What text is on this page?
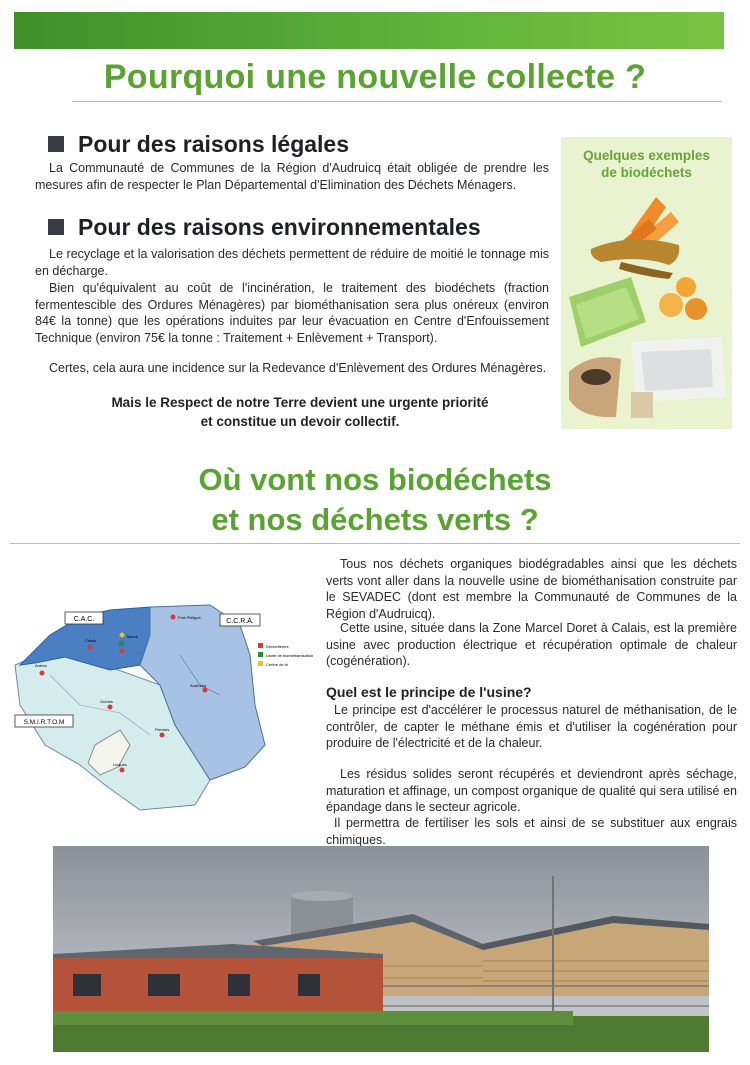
Pourquoi une nouvelle collecte ?
Pour des raisons légales
La Communauté de Communes de la Région d'Audruicq était obligée de prendre les mesures afin de respecter le Plan Départemental d'Elimination des Déchets Ménagers.
Pour des raisons environnementales
Le recyclage et la valorisation des déchets permettent de réduire de moitié le tonnage mis en décharge.
Bien qu'équivalent au coût de l'incinération, le traitement des biodéchets (fraction fermentescible des Ordures Ménagères) par biométhanisation sera plus onéreux (environ 84€ la tonne) que les opérations induites par leur évacuation en Centre d'Enfouissement Technique (environ 75€ la tonne : Traitement + Enlèvement + Transport).
Certes, cela aura une incidence sur la Redevance d'Enlèvement des Ordures Ménagères.
Mais le Respect de notre Terre devient une urgente priorité
et constitue un devoir collectif.
Quelques exemples
de biodéchets
Où vont nos biodéchets
et nos déchets verts ?
Tous nos déchets organiques biodégradables ainsi que les déchets verts vont aller dans la nouvelle usine de biométhanisation construite par le SEVADEC (dont est membre la Communauté de Communes de la Région d'Audruicq).
Cette usine, située dans la Zone Marcel Doret à Calais, est la première usine avec production électrique et récupération optimale de chaleur (cogénération).
Quel est le principe de l'usine?
Le principe est d'accélérer le processus naturel de méthanisation, de le contrôler, de capter le méthane émis et d'utiliser la cogénération pour produire de l'électricité et de la chaleur.
Les résidus solides seront récupérés et deviendront après séchage, maturation et affinage, un compost organique de qualité qui sera utilisé en épandage dans le secteur agricole.
Il permettra de fertiliser les sols et ainsi de se substituer aux engrais chimiques.
C.A.C.	C.C.R.A.
S.M.I.R.T.O.M
Fort-Philippe
Calais
Marck
Audruicq
Guînes
Licques
Ardres
Fiennes
Déchetteries
Usine de biométhanisation
Centre de tri
